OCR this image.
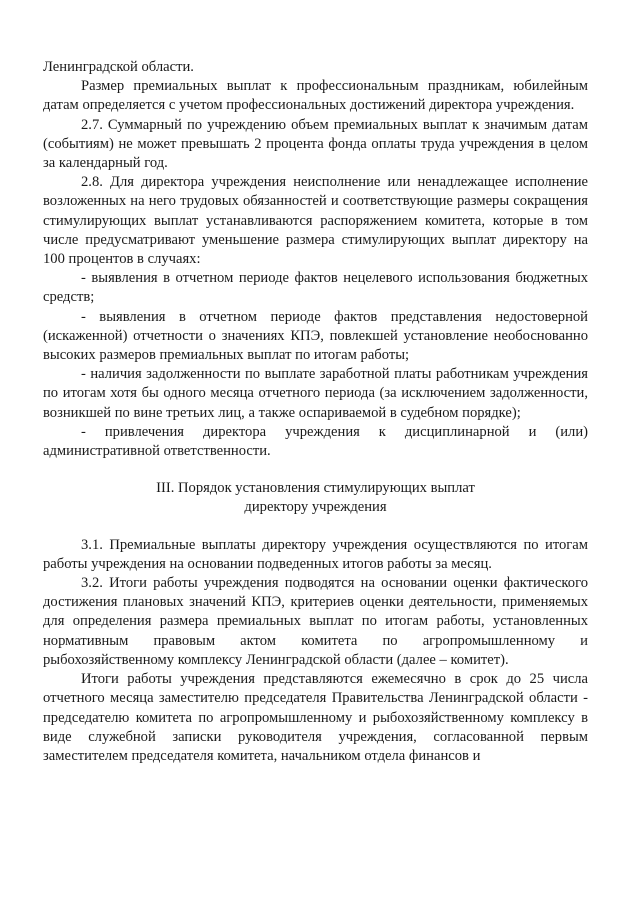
Ленинградской области.

Размер премиальных выплат к профессиональным праздникам, юбилейным датам определяется с учетом профессиональных достижений директора учреждения.

2.7. Суммарный по учреждению объем премиальных выплат к значимым датам (событиям) не может превышать 2 процента фонда оплаты труда учреждения в целом за календарный год.

2.8. Для директора учреждения неисполнение или ненадлежащее исполнение возложенных на него трудовых обязанностей и соответствующие размеры сокращения стимулирующих выплат устанавливаются распоряжением комитета, которые в том числе предусматривают уменьшение размера стимулирующих выплат директору на 100 процентов в случаях:

- выявления в отчетном периоде фактов нецелевого использования бюджетных средств;

- выявления в отчетном периоде фактов представления недостоверной (искаженной) отчетности о значениях КПЭ, повлекшей установление необоснованно высоких размеров премиальных выплат по итогам работы;

- наличия задолженности по выплате заработной платы работникам учреждения по итогам хотя бы одного месяца отчетного периода (за исключением задолженности, возникшей по вине третьих лиц, а также оспариваемой в судебном порядке);

- привлечения директора учреждения к дисциплинарной и (или) административной ответственности.

III. Порядок установления стимулирующих выплат
директору учреждения

3.1. Премиальные выплаты директору учреждения осуществляются по итогам работы учреждения на основании подведенных итогов работы за месяц.

3.2. Итоги работы учреждения подводятся на основании оценки фактического достижения плановых значений КПЭ, критериев оценки деятельности, применяемых для определения размера премиальных выплат по итогам работы, установленных нормативным правовым актом комитета по агропромышленному и рыбохозяйственному комплексу Ленинградской области (далее – комитет).

Итоги работы учреждения представляются ежемесячно в срок до 25 числа отчетного месяца заместителю председателя Правительства Ленинградской области - председателю комитета по агропромышленному и рыбохозяйственному комплексу в виде служебной записки руководителя учреждения, согласованной первым заместителем председателя комитета, начальником отдела финансов и
